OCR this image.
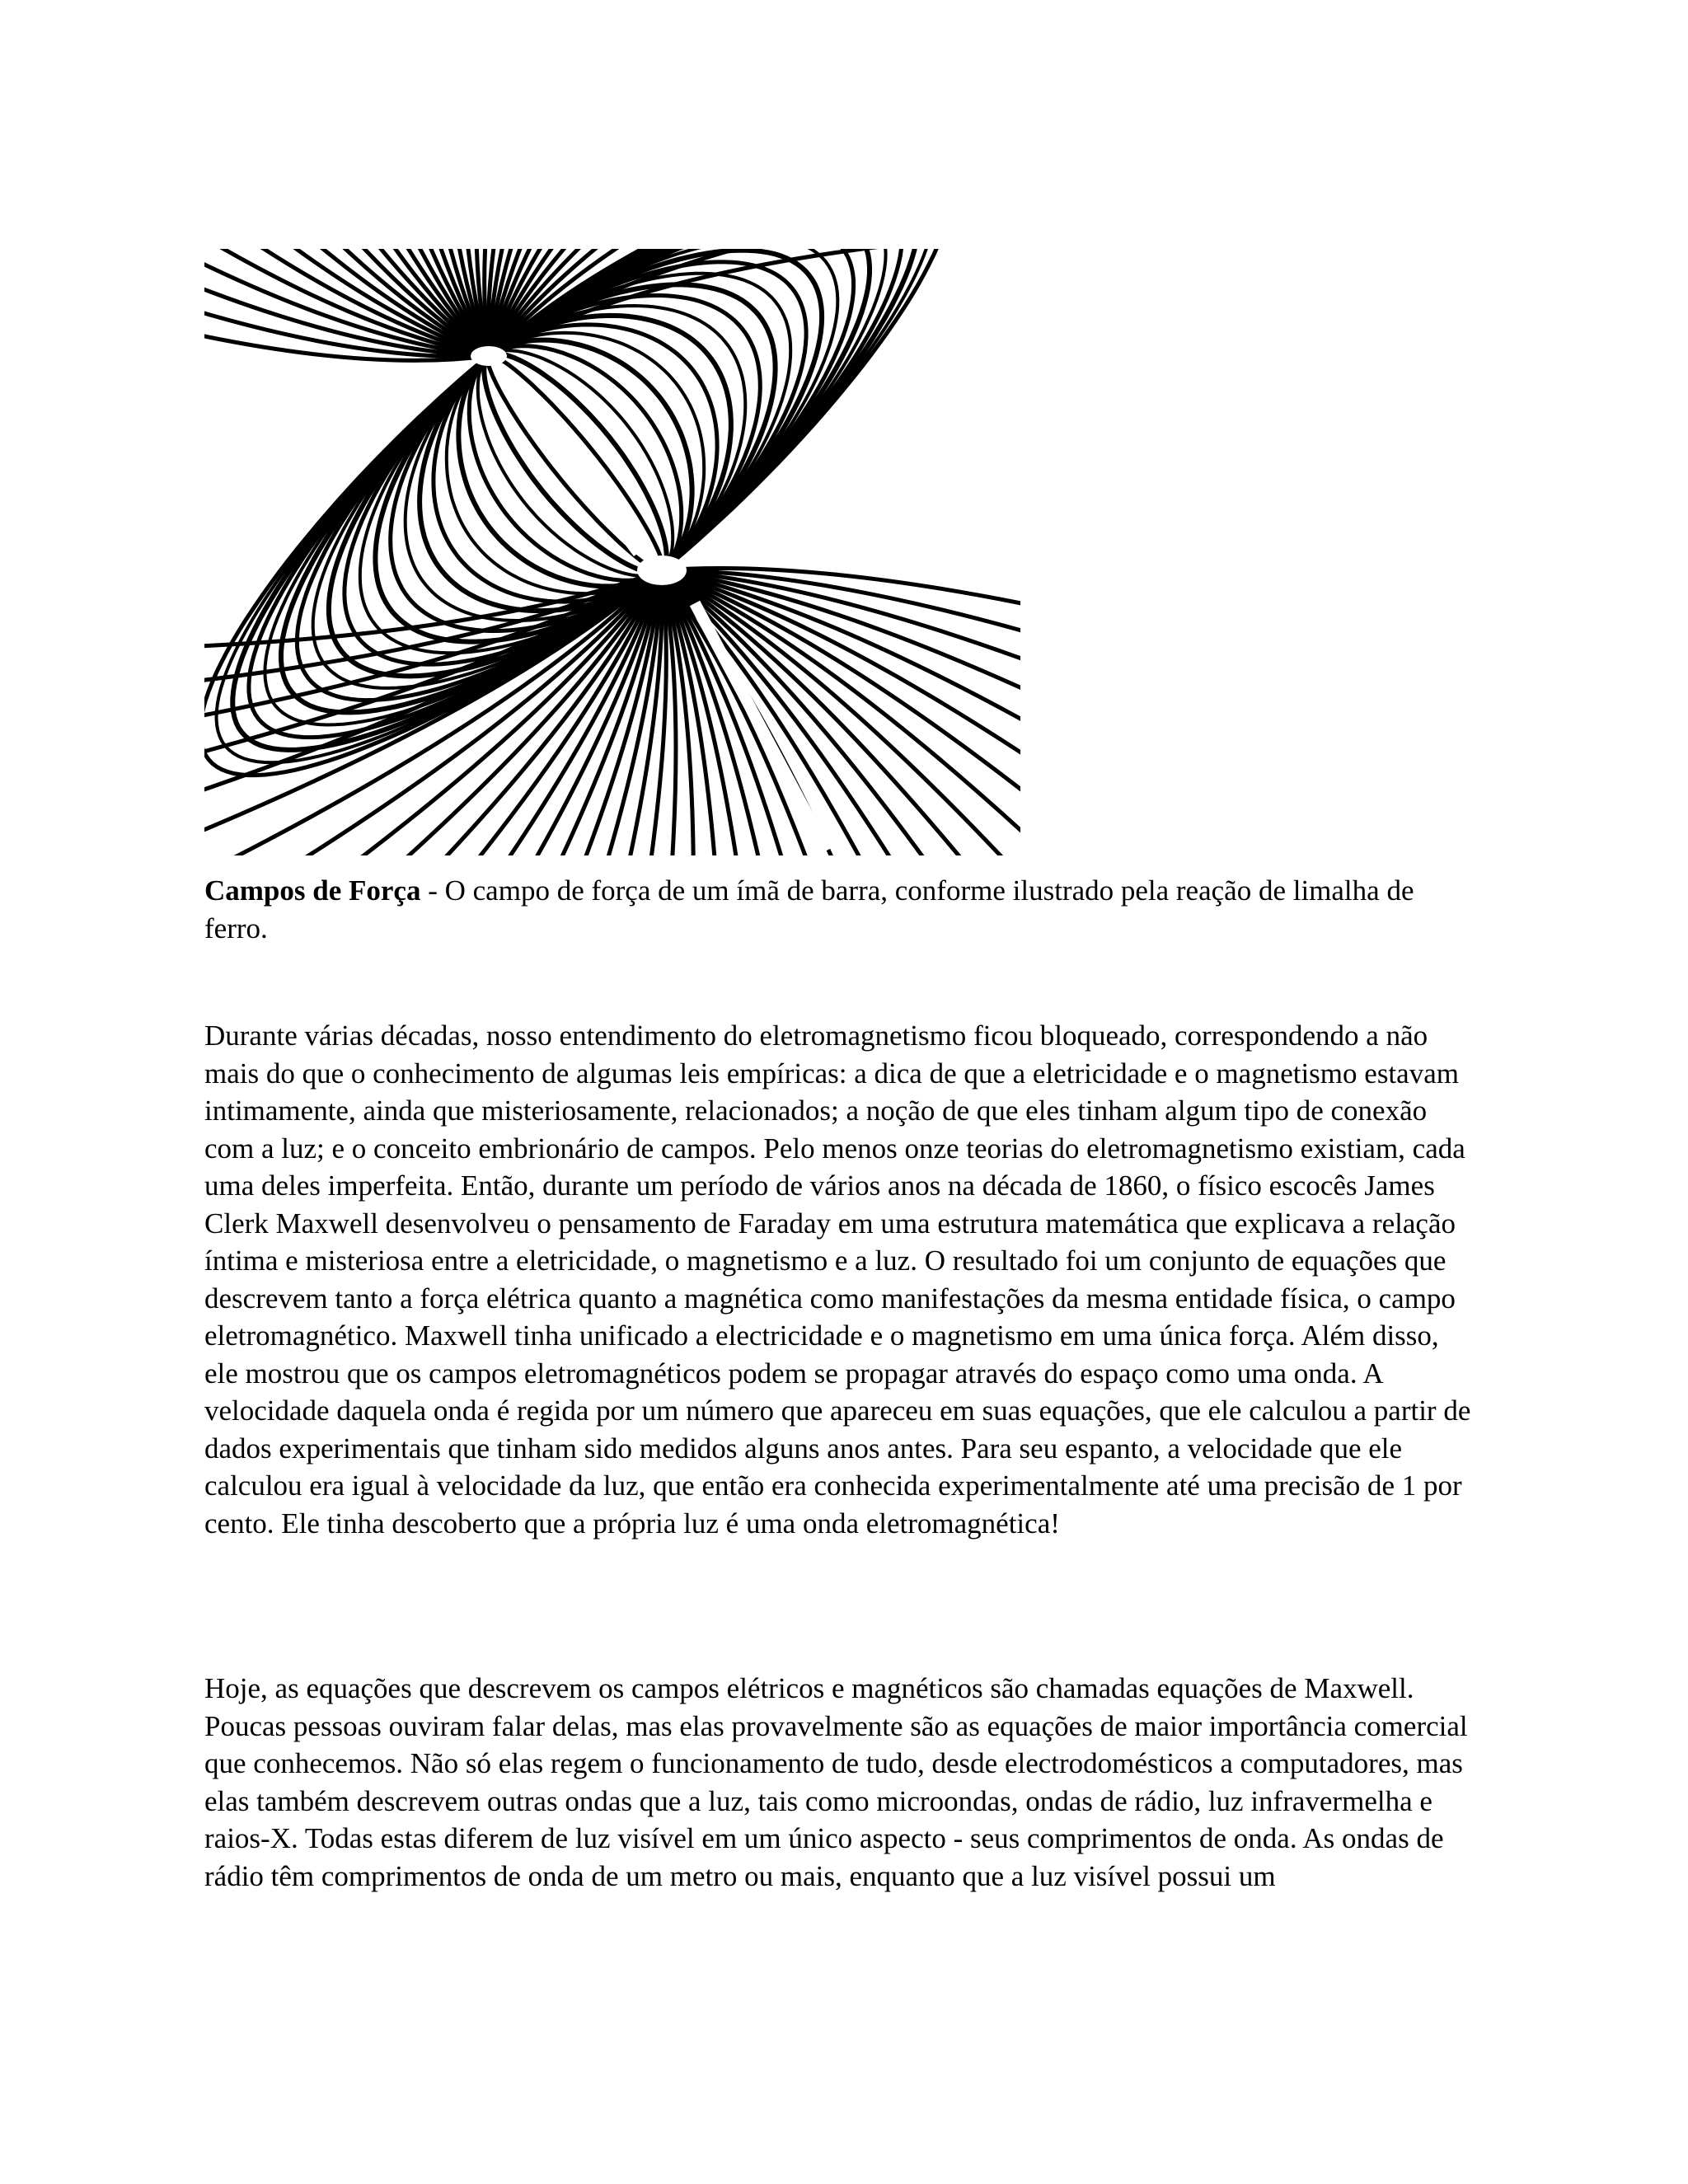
Campos de Força - O campo de força de um ímã de barra, conforme ilustrado pela reação de limalha de ferro.

Durante várias décadas, nosso entendimento do eletromagnetismo ficou bloqueado, correspondendo a não mais do que o conhecimento de algumas leis empíricas: a dica de que a eletricidade e o magnetismo estavam intimamente, ainda que misteriosamente, relacionados; a noção de que eles tinham algum tipo de conexão com a luz; e o conceito embrionário de campos. Pelo menos onze teorias do eletromagnetismo existiam, cada uma deles imperfeita. Então, durante um período de vários anos na década de 1860, o físico escocês James Clerk Maxwell desenvolveu o pensamento de Faraday em uma estrutura matemática que explicava a relação íntima e misteriosa entre a eletricidade, o magnetismo e a luz. O resultado foi um conjunto de equações que descrevem tanto a força elétrica quanto a magnética como manifestações da mesma entidade física, o campo eletromagnético. Maxwell tinha unificado a electricidade e o magnetismo em uma única força. Além disso, ele mostrou que os campos eletromagnéticos podem se propagar através do espaço como uma onda. A velocidade daquela onda é regida por um número que apareceu em suas equações, que ele calculou a partir de dados experimentais que tinham sido medidos alguns anos antes. Para seu espanto, a velocidade que ele calculou era igual à velocidade da luz, que então era conhecida experimentalmente até uma precisão de 1 por cento. Ele tinha descoberto que a própria luz é uma onda eletromagnética!

Hoje, as equações que descrevem os campos elétricos e magnéticos são chamadas equações de Maxwell. Poucas pessoas ouviram falar delas, mas elas provavelmente são as equações de maior importância comercial que conhecemos. Não só elas regem o funcionamento de tudo, desde electrodomésticos a computadores, mas elas também descrevem outras ondas que a luz, tais como microondas, ondas de rádio, luz infravermelha e raios-X. Todas estas diferem de luz visível em um único aspecto - seus comprimentos de onda. As ondas de rádio têm comprimentos de onda de um metro ou mais, enquanto que a luz visível possui um
